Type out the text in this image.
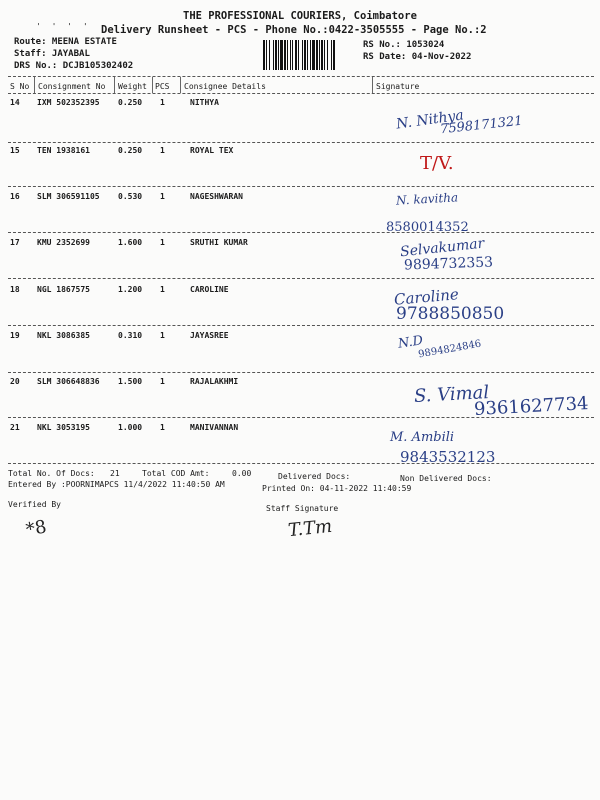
THE PROFESSIONAL COURIERS, Coimbatore
' ' ' ' Delivery Runsheet - PCS - Phone No.:0422-3505555 - Page No.:2
Route: MEENA ESTATE
Staff: JAYABAL
DRS No.: DCJB105302402
RS No.: 1053024
RS Date: 04-Nov-2022
S No Consignment No Weight PCS Consignee Details	Signature
14 IXM 502352395 0.250 1	NITHYA
N. Nithya
7598171321
15 TEN 1938161	0.250 1	ROYAL TEX
T/V.
16 SLM 306591105 0.530 1	NAGESHWARAN	N. kavitha
8580014352
17 KMU 2352699	1.600 1	SRUTHI KUMAR	Selvakumar
9894732353
18 NGL 1867575	1.200 1	CAROLINE	Caroline
9788850850
19 NKL 3086385	0.310 1	JAYASREE	N.D
9894824846
20 SLM 306648836 1.500 1	RAJALAKHMI
S. Vimal
9361627734
21 NKL 3053195	1.000 1	MANIVANNAN
M. Ambili
9843532123
Total No. Of Docs: 21	Total COD Amt:	0.00	Delivered Docs:	Non Delivered Docs:
Entered By :POORNIMAPCS 11/4/2022 11:40:50 AM	Printed On: 04-11-2022 11:40:59
Verified By	Staff Signature
*8	T.Tm
